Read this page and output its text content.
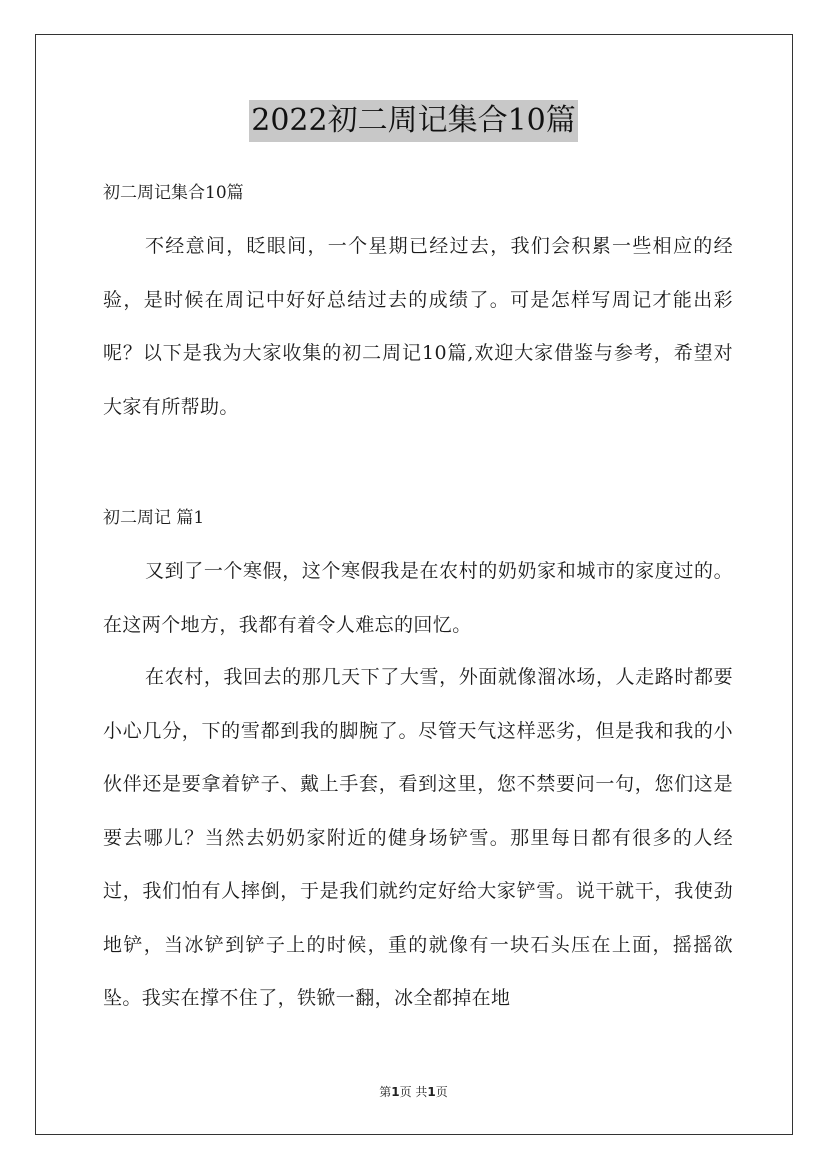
2022初二周记集合10篇

初二周记集合10篇

不经意间，眨眼间，一个星期已经过去，我们会积累一些相应的经验，是时候在周记中好好总结过去的成绩了。可是怎样写周记才能出彩呢？以下是我为大家收集的初二周记10篇,欢迎大家借鉴与参考，希望对大家有所帮助。

初二周记 篇1

又到了一个寒假，这个寒假我是在农村的奶奶家和城市的家度过的。在这两个地方，我都有着令人难忘的回忆。

在农村，我回去的那几天下了大雪，外面就像溜冰场，人走路时都要小心几分，下的雪都到我的脚腕了。尽管天气这样恶劣，但是我和我的小伙伴还是要拿着铲子、戴上手套，看到这里，您不禁要问一句，您们这是要去哪儿？当然去奶奶家附近的健身场铲雪。那里每日都有很多的人经过，我们怕有人摔倒，于是我们就约定好给大家铲雪。说干就干，我使劲地铲，当冰铲到铲子上的时候，重的就像有一块石头压在上面，摇摇欲坠。我实在撑不住了，铁锨一翻，冰全都掉在地

第1页 共1页
